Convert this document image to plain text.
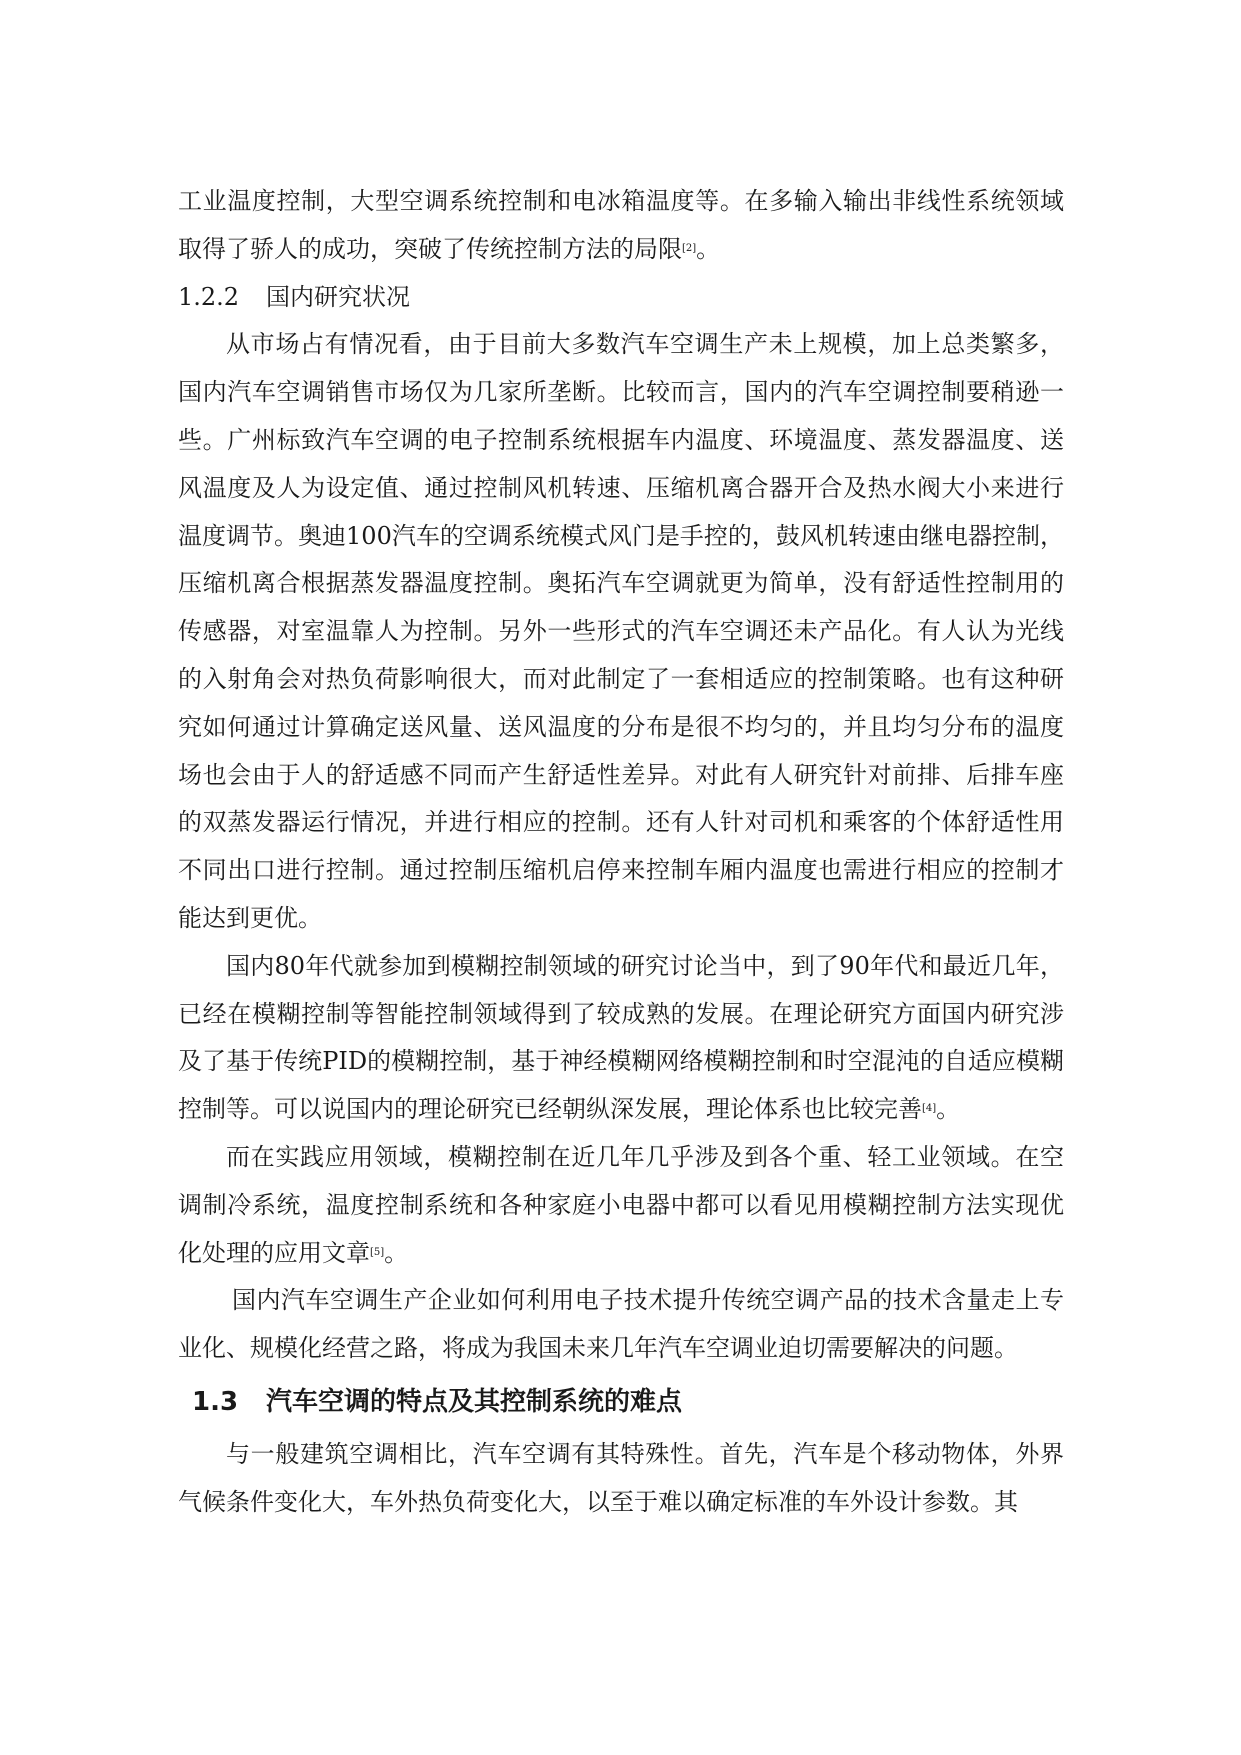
工业温度控制，大型空调系统控制和电冰箱温度等。在多输入输出非线性系统领域取得了骄人的成功，突破了传统控制方法的局限[2]。

1.2.2 国内研究状况

从市场占有情况看，由于目前大多数汽车空调生产未上规模，加上总类繁多，国内汽车空调销售市场仅为几家所垄断。比较而言，国内的汽车空调控制要稍逊一些。广州标致汽车空调的电子控制系统根据车内温度、环境温度、蒸发器温度、送风温度及人为设定值、通过控制风机转速、压缩机离合器开合及热水阀大小来进行温度调节。奥迪100汽车的空调系统模式风门是手控的，鼓风机转速由继电器控制，压缩机离合根据蒸发器温度控制。奥拓汽车空调就更为简单，没有舒适性控制用的传感器，对室温靠人为控制。另外一些形式的汽车空调还未产品化。有人认为光线的入射角会对热负荷影响很大，而对此制定了一套相适应的控制策略。也有这种研究如何通过计算确定送风量、送风温度的分布是很不均匀的，并且均匀分布的温度场也会由于人的舒适感不同而产生舒适性差异。对此有人研究针对前排、后排车座的双蒸发器运行情况，并进行相应的控制。还有人针对司机和乘客的个体舒适性用不同出口进行控制。通过控制压缩机启停来控制车厢内温度也需进行相应的控制才能达到更优。

国内80年代就参加到模糊控制领域的研究讨论当中，到了90年代和最近几年，已经在模糊控制等智能控制领域得到了较成熟的发展。在理论研究方面国内研究涉及了基于传统PID的模糊控制，基于神经模糊网络模糊控制和时空混沌的自适应模糊控制等。可以说国内的理论研究已经朝纵深发展，理论体系也比较完善[4]。

而在实践应用领域，模糊控制在近几年几乎涉及到各个重、轻工业领域。在空调制冷系统，温度控制系统和各种家庭小电器中都可以看见用模糊控制方法实现优化处理的应用文章[5]。

国内汽车空调生产企业如何利用电子技术提升传统空调产品的技术含量走上专业化、规模化经营之路，将成为我国未来几年汽车空调业迫切需要解决的问题。

1.3 汽车空调的特点及其控制系统的难点

与一般建筑空调相比，汽车空调有其特殊性。首先，汽车是个移动物体，外界气候条件变化大，车外热负荷变化大，以至于难以确定标准的车外设计参数。其
